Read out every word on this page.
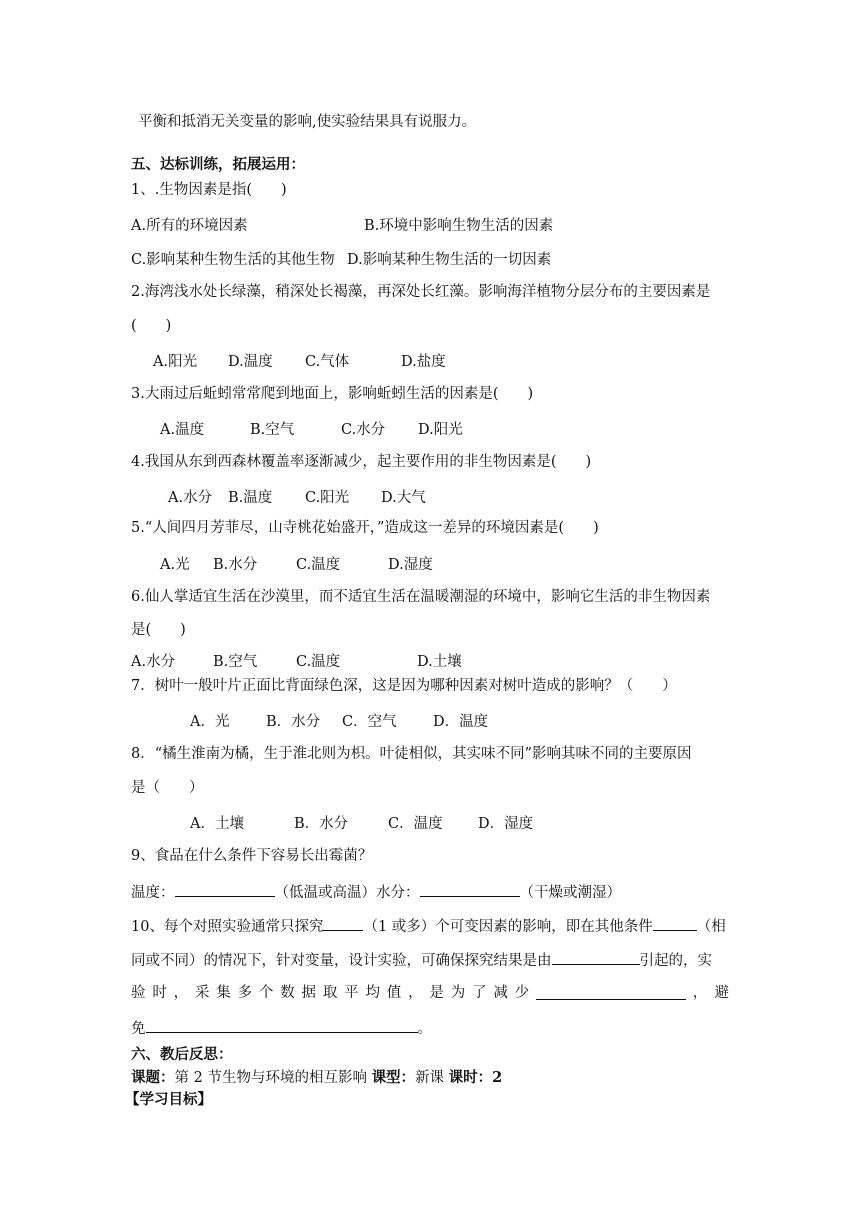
平衡和抵消无关变量的影响,使实验结果具有说服力。
五、达标训练，拓展运用：
1、.生物因素是指(　　)
A.所有的环境因素	B.环境中影响生物生活的因素
C.影响某种生物生活的其他生物 D.影响某种生物生活的一切因素
2.海湾浅水处长绿藻，稍深处长褐藻，再深处长红藻。影响海洋植物分层分布的主要因素是
(　　)
A.阳光 D.温度 C.气体	D.盐度
3.大雨过后蚯蚓常常爬到地面上，影响蚯蚓生活的因素是(　　)
A.温度	B.空气	C.水分 D.阳光
4.我国从东到西森林覆盖率逐渐减少，起主要作用的非生物因素是(　　)
A.水分 B.温度 C.阳光 D.大气
5.“人间四月芳菲尽，山寺桃花始盛开，”造成这一差异的环境因素是(　　)
A.光 B.水分	C.温度	D.湿度
6.仙人掌适宜生活在沙漠里，而不适宜生活在温暖潮湿的环境中，影响它生活的非生物因素
是(　　)
A.水分	B.空气	C.温度	D.土壤
7．树叶一般叶片正面比背面绿色深，这是因为哪种因素对树叶造成的影响？（　　）
A．光	B．水分 C．空气	D．温度
8．“橘生淮南为橘，生于淮北则为枳。叶徒相似，其实味不同”影响其味不同的主要原因
是（　　）
A．土壤	B．水分	C．温度 D．湿度
9、食品在什么条件下容易长出霉菌？
温度：	（低温或高温）水分：	（干燥或潮湿）
10、每个对照实验通常只探究	（1 或多）个可变因素的影响，即在其他条件	（相
同或不同）的情况下，针对变量，设计实验，可确保探究结果是由	引起的，实
验 时 ， 采 集 多 个 数 据 取 平 均 值 ， 是 为 了 减 少	，　避
免	。
六、教后反思：
课题：第 2 节生物与环境的相互影响 课型：新课 课时：2
【学习目标】
